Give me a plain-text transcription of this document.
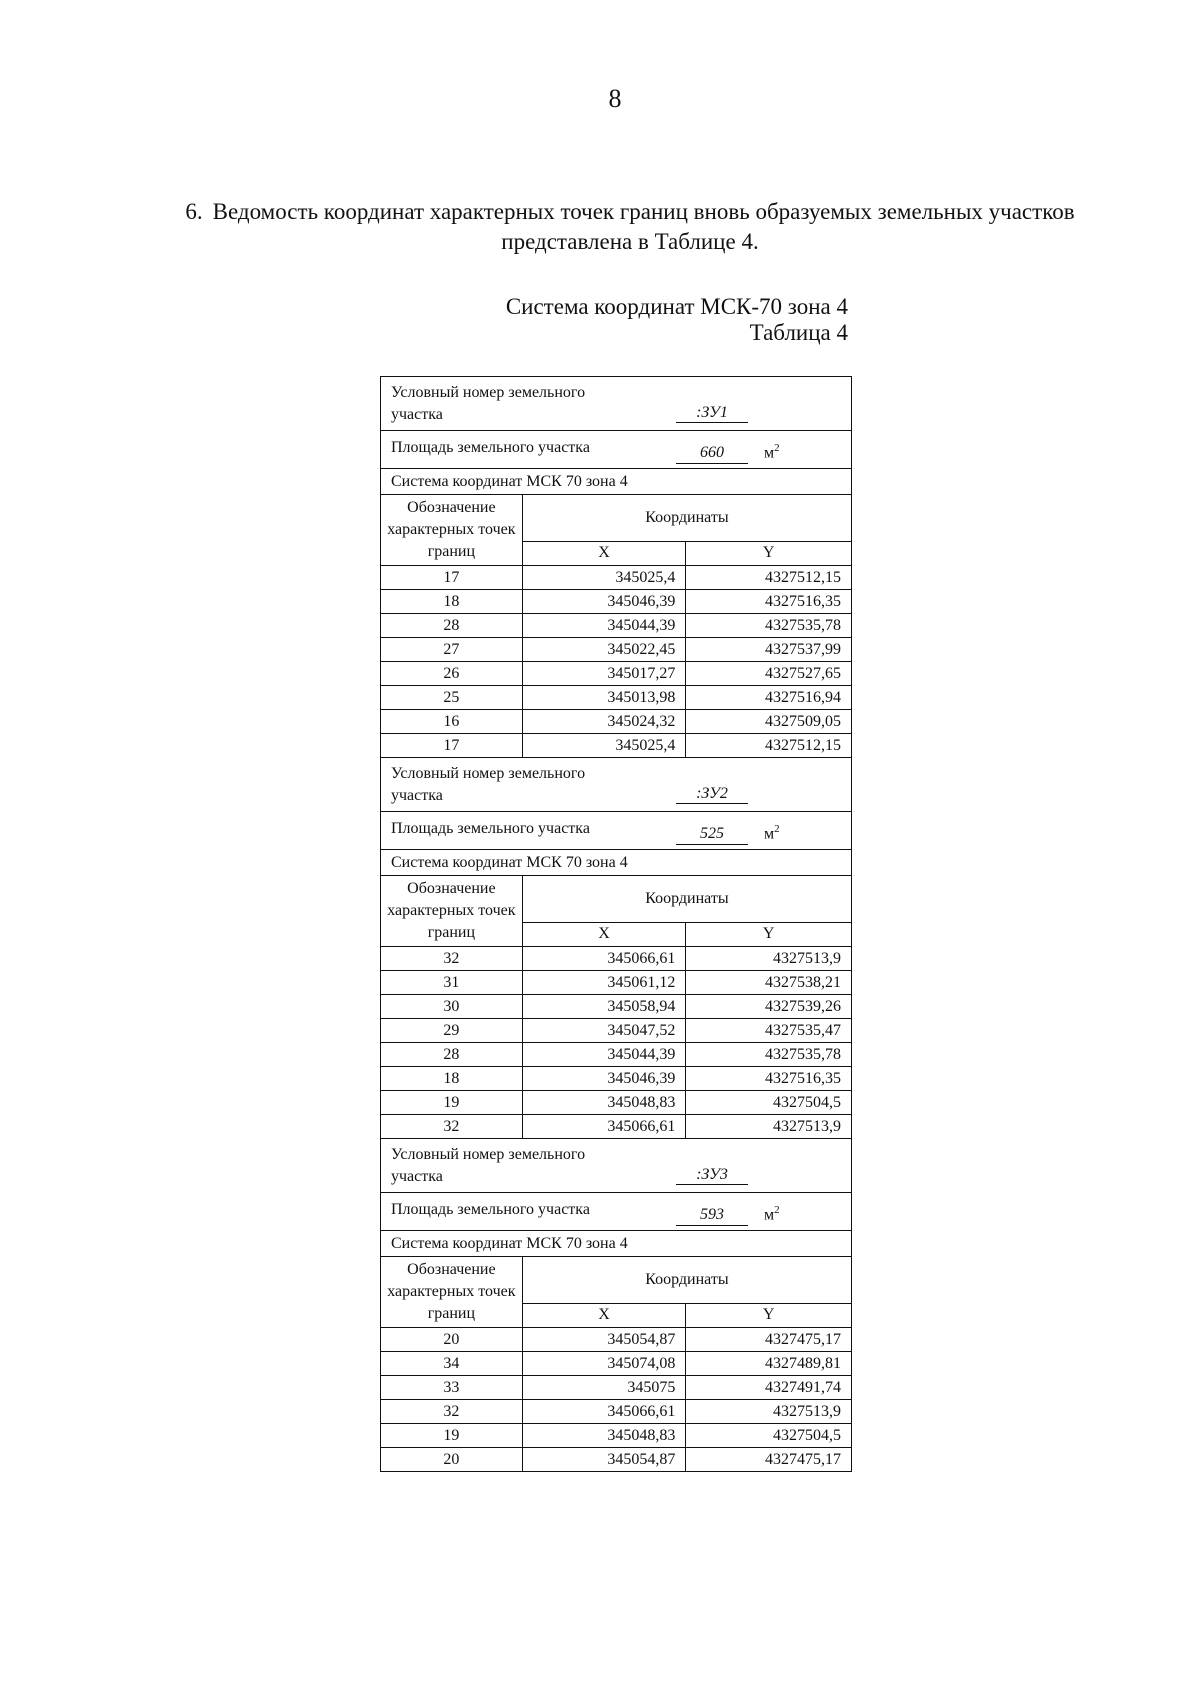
8
6. Ведомость координат характерных точек границ вновь образуемых земельных участков представлена в Таблице 4.
Система координат МСК-70 зона 4
Таблица 4
Условный номер земельного участка :ЗУ1		

Площадь земельного участка 660 $м^2$

Система координат МСК 70 зона 4		
Обозначение характерных точек границ	Координаты	
	X	Y
17	345025,4	4327512,15
18	345046,39	4327516,35
28	345044,39	4327535,78
27	345022,45	4327537,99
26	345017,27	4327527,65
25	345013,98	4327516,94
16	345024,32	4327509,05
17	345025,4	4327512,15

Условный номер земельного участка :ЗУ2		

Площадь земельного участка 525 $м^2$

Система координат МСК 70 зона 4		
Обозначение характерных точек границ	Координаты	
	X	Y
32	345066,61	4327513,9
31	345061,12	4327538,21
30	345058,94	4327539,26
29	345047,52	4327535,47
28	345044,39	4327535,78
18	345046,39	4327516,35
19	345048,83	4327504,5
32	345066,61	4327513,9

Условный номер земельного участка :ЗУ3		

Площадь земельного участка 593 $м^2$

Система координат МСК 70 зона 4		
Обозначение характерных точек границ	Координаты	
	X	Y
20	345054,87	4327475,17
34	345074,08	4327489,81
33	345075	4327491,74
32	345066,61	4327513,9
19	345048,83	4327504,5
20	345054,87	4327475,17
